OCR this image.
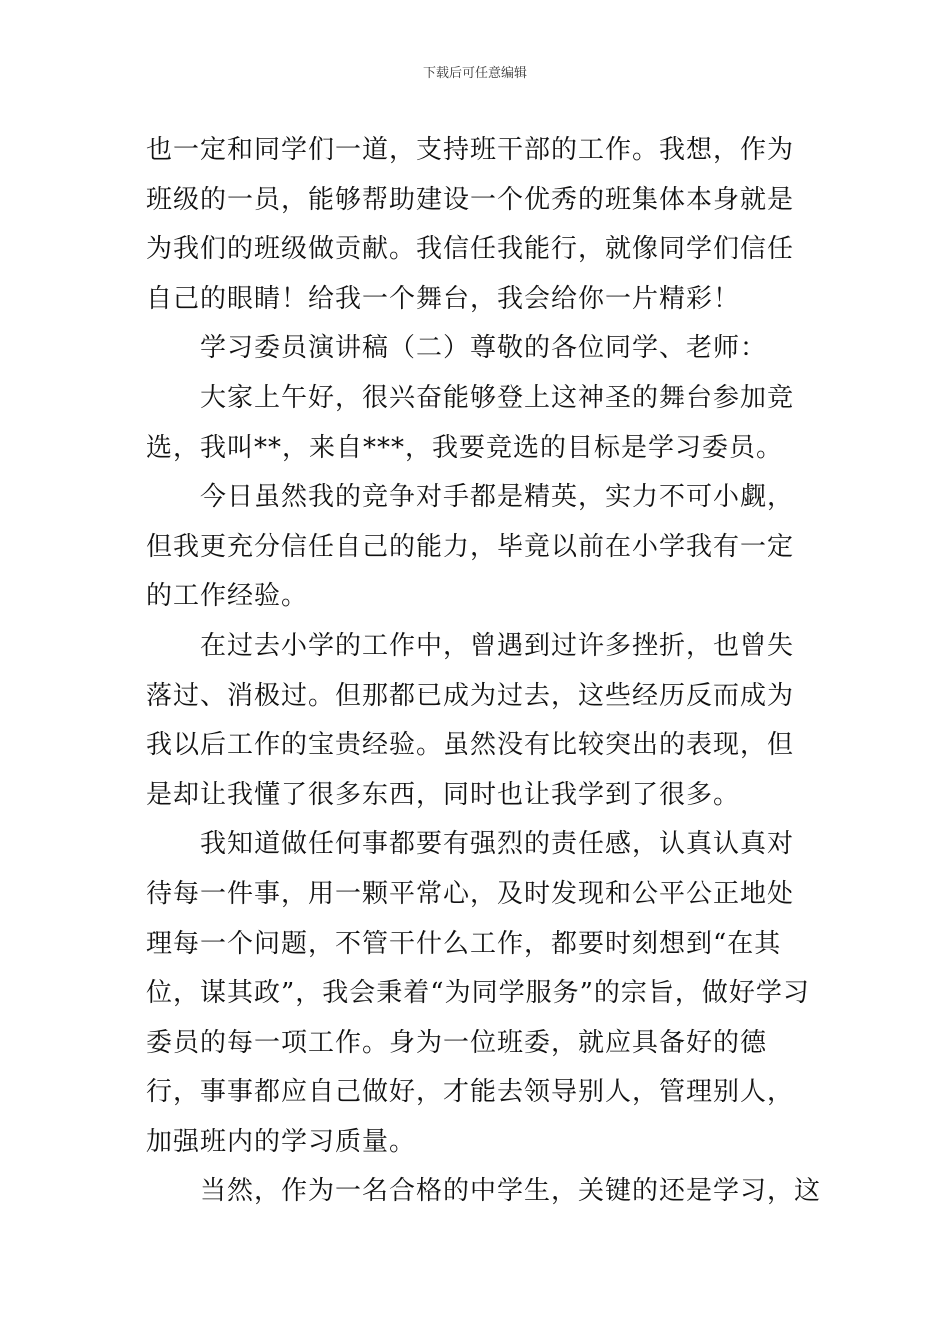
下载后可任意编辑

也一定和同学们一道，支持班干部的工作。我想，作为班级的一员，能够帮助建设一个优秀的班集体本身就是为我们的班级做贡献。我信任我能行，就像同学们信任自己的眼睛！给我一个舞台，我会给你一片精彩！

学习委员演讲稿（二）尊敬的各位同学、老师：

大家上午好，很兴奋能够登上这神圣的舞台参加竞选，我叫**，来自***，我要竞选的目标是学习委员。

今日虽然我的竞争对手都是精英，实力不可小觑，但我更充分信任自己的能力，毕竟以前在小学我有一定的工作经验。

在过去小学的工作中，曾遇到过许多挫折，也曾失落过、消极过。但那都已成为过去，这些经历反而成为我以后工作的宝贵经验。虽然没有比较突出的表现，但是却让我懂了很多东西，同时也让我学到了很多。

我知道做任何事都要有强烈的责任感，认真认真对待每一件事，用一颗平常心，及时发现和公平公正地处理每一个问题，不管干什么工作，都要时刻想到“在其位，谋其政”，我会秉着“为同学服务”的宗旨，做好学习委员的每一项工作。身为一位班委，就应具备好的德行，事事都应自己做好，才能去领导别人，管理别人，加强班内的学习质量。

当然，作为一名合格的中学生，关键的还是学习，这
